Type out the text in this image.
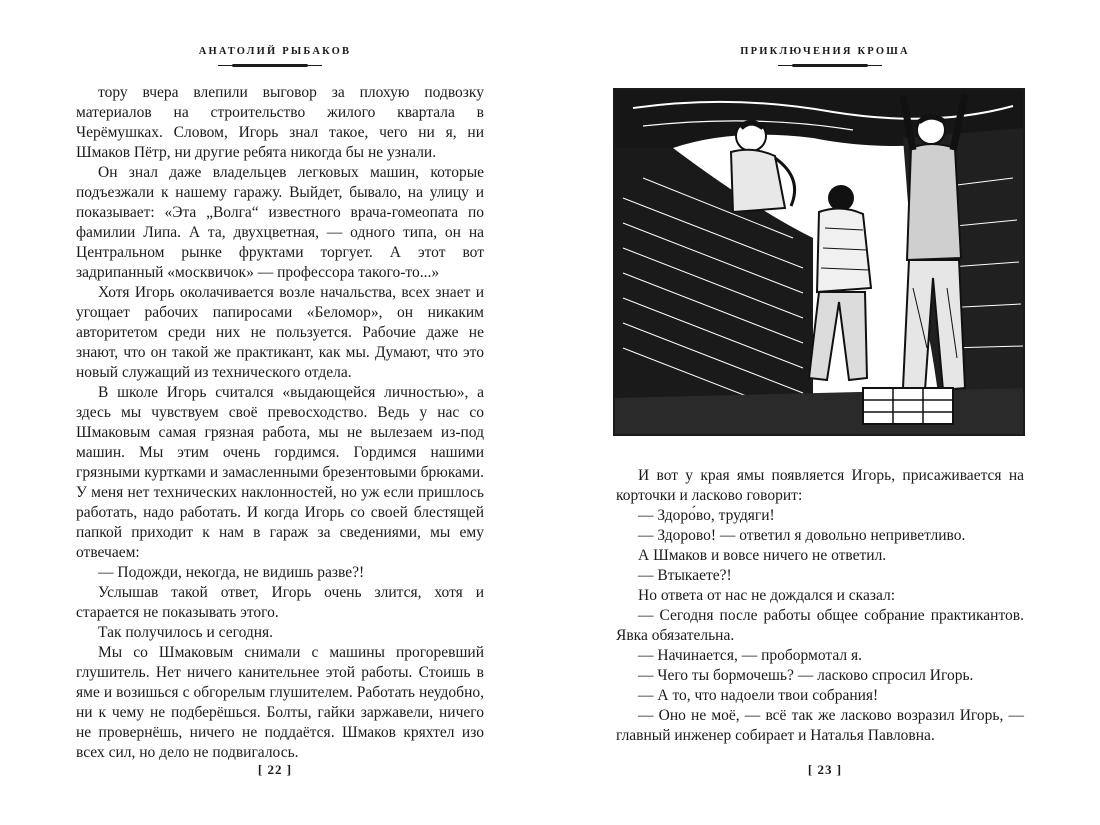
АНАТОЛИЙ РЫБАКОВ

тору вчера влепили выговор за плохую подвозку материалов на строительство жилого квартала в Черёмушках. Словом, Игорь знал такое, чего ни я, ни Шмаков Пётр, ни другие ребята никогда бы не узнали.

Он знал даже владельцев легковых машин, которые подъезжали к нашему гаражу. Выйдет, бывало, на улицу и показывает: «Эта „Волга“ известного врача-гомеопата по фамилии Липа. А та, двухцветная, — одного типа, он на Центральном рынке фруктами торгует. А этот вот задрипанный «москвичок» — профессора такого-то...»

Хотя Игорь околачивается возле начальства, всех знает и угощает рабочих папиросами «Беломор», он никаким авторитетом среди них не пользуется. Рабочие даже не знают, что он такой же практикант, как мы. Думают, что это новый служащий из технического отдела.

В школе Игорь считался «выдающейся личностью», а здесь мы чувствуем своё превосходство. Ведь у нас со Шмаковым самая грязная работа, мы не вылезаем из-под машин. Мы этим очень гордимся. Гордимся нашими грязными куртками и замасленными брезентовыми брюками. У меня нет технических наклонностей, но уж если пришлось работать, надо работать. И когда Игорь со своей блестящей папкой приходит к нам в гараж за сведениями, мы ему отвечаем:

— Подожди, некогда, не видишь разве?!

Услышав такой ответ, Игорь очень злится, хотя и старается не показывать этого.

Так получилось и сегодня.

Мы со Шмаковым снимали с машины прогоревший глушитель. Нет ничего канительнее этой работы. Стоишь в яме и возишься с обгорелым глушителем. Работать неудобно, ни к чему не подберёшься. Болты, гайки заржавели, ничего не провернёшь, ничего не поддаётся. Шмаков кряхтел изо всех сил, но дело не подвигалось.

[ 22 ]
ПРИКЛЮЧЕНИЯ КРОША

И вот у края ямы появляется Игорь, присаживается на корточки и ласково говорит:

— Здоро́во, трудяги!

— Здорово! — ответил я довольно неприветливо.

А Шмаков и вовсе ничего не ответил.

— Втыкаете?!

Но ответа от нас не дождался и сказал:

— Сегодня после работы общее собрание практикантов. Явка обязательна.

— Начинается, — пробормотал я.

— Чего ты бормочешь? — ласково спросил Игорь.

— А то, что надоели твои собрания!

— Оно не моё, — всё так же ласково возразил Игорь, — главный инженер собирает и Наталья Павловна.

[ 23 ]
